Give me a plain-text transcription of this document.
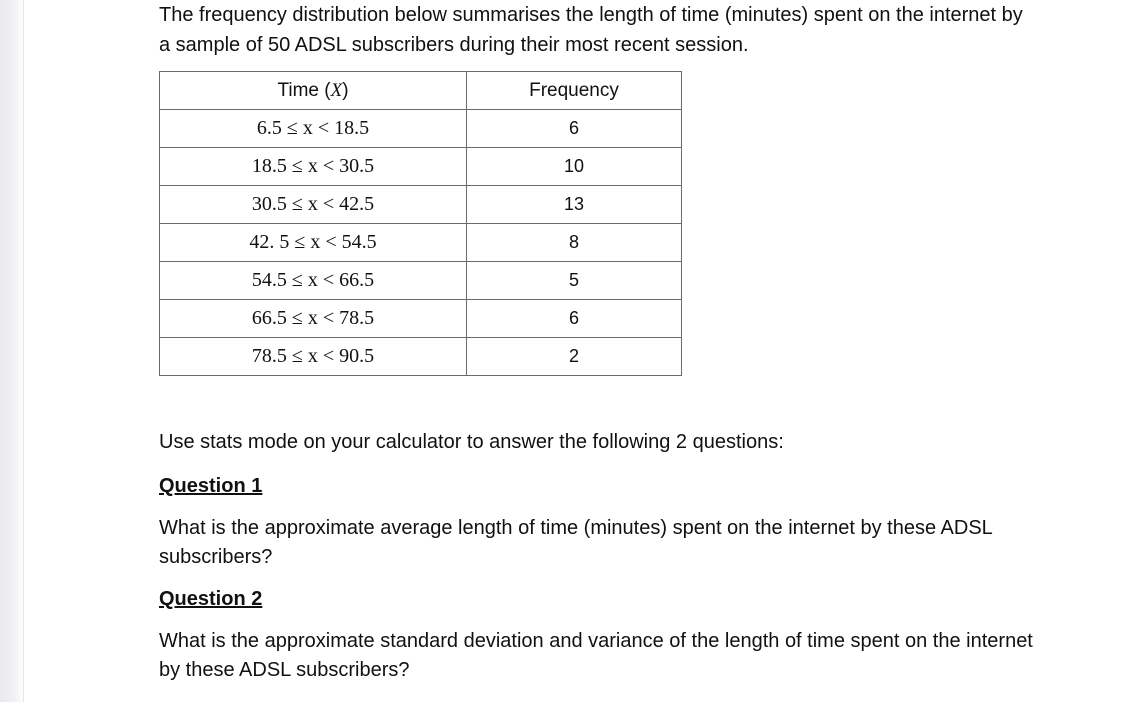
The frequency distribution below summarises the length of time (minutes) spent on the internet by a sample of 50 ADSL subscribers during their most recent session.

Time (X)	Frequency
6.5 ≤ x < 18.5	6
18.5 ≤ x < 30.5	10
30.5 ≤ x < 42.5	13
42. 5 ≤ x < 54.5	8
54.5 ≤ x < 66.5	5
66.5 ≤ x < 78.5	6
78.5 ≤ x < 90.5	2

Use stats mode on your calculator to answer the following 2 questions:

Question 1

What is the approximate average length of time (minutes) spent on the internet by these ADSL subscribers?

Question 2

What is the approximate standard deviation and variance of the length of time spent on the internet by these ADSL subscribers?
